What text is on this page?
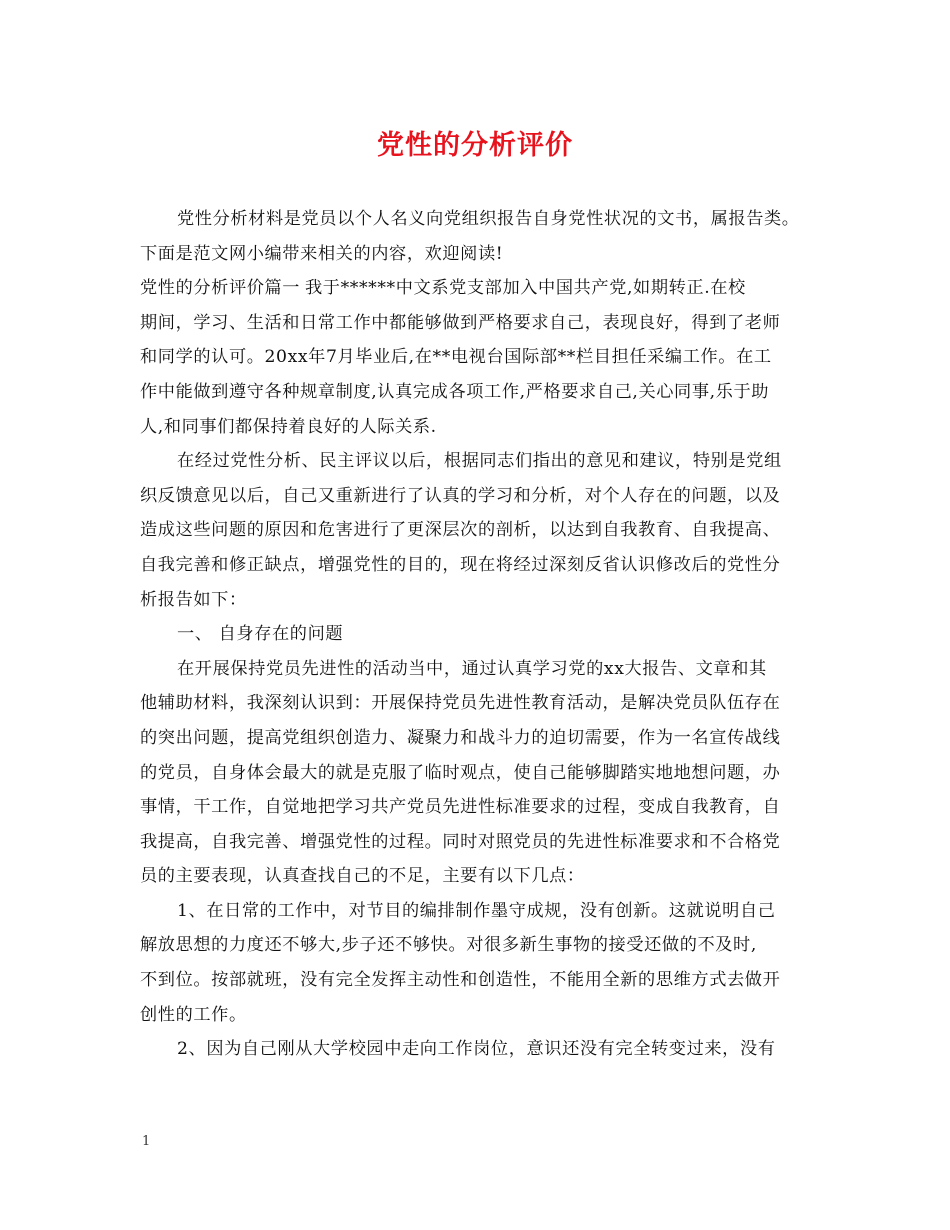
党性的分析评价
党性分析材料是党员以个人名义向党组织报告自身党性状况的文书，属报告类。
下面是范文网小编带来相关的内容，欢迎阅读!
党性的分析评价篇一 我于******中文系党支部加入中国共产党,如期转正.在校
期间，学习、生活和日常工作中都能够做到严格要求自己，表现良好，得到了老师
和同学的认可。20xx年7月毕业后,在**电视台国际部**栏目担任采编工作。在工
作中能做到遵守各种规章制度,认真完成各项工作,严格要求自己,关心同事,乐于助
人,和同事们都保持着良好的人际关系.
在经过党性分析、民主评议以后，根据同志们指出的意见和建议，特别是党组
织反馈意见以后，自己又重新进行了认真的学习和分析，对个人存在的问题，以及
造成这些问题的原因和危害进行了更深层次的剖析，以达到自我教育、自我提高、
自我完善和修正缺点，增强党性的目的，现在将经过深刻反省认识修改后的党性分
析报告如下：
一、 自身存在的问题
在开展保持党员先进性的活动当中，通过认真学习党的xx大报告、文章和其
他辅助材料，我深刻认识到：开展保持党员先进性教育活动，是解决党员队伍存在
的突出问题，提高党组织创造力、凝聚力和战斗力的迫切需要，作为一名宣传战线
的党员，自身体会最大的就是克服了临时观点，使自己能够脚踏实地地想问题，办
事情，干工作，自觉地把学习共产党员先进性标准要求的过程，变成自我教育，自
我提高，自我完善、增强党性的过程。同时对照党员的先进性标准要求和不合格党
员的主要表现，认真查找自己的不足，主要有以下几点：
1、在日常的工作中，对节目的编排制作墨守成规，没有创新。这就说明自己
解放思想的力度还不够大,步子还不够快。对很多新生事物的接受还做的不及时,
不到位。按部就班，没有完全发挥主动性和创造性，不能用全新的思维方式去做开
创性的工作。
2、因为自己刚从大学校园中走向工作岗位，意识还没有完全转变过来，没有
1
